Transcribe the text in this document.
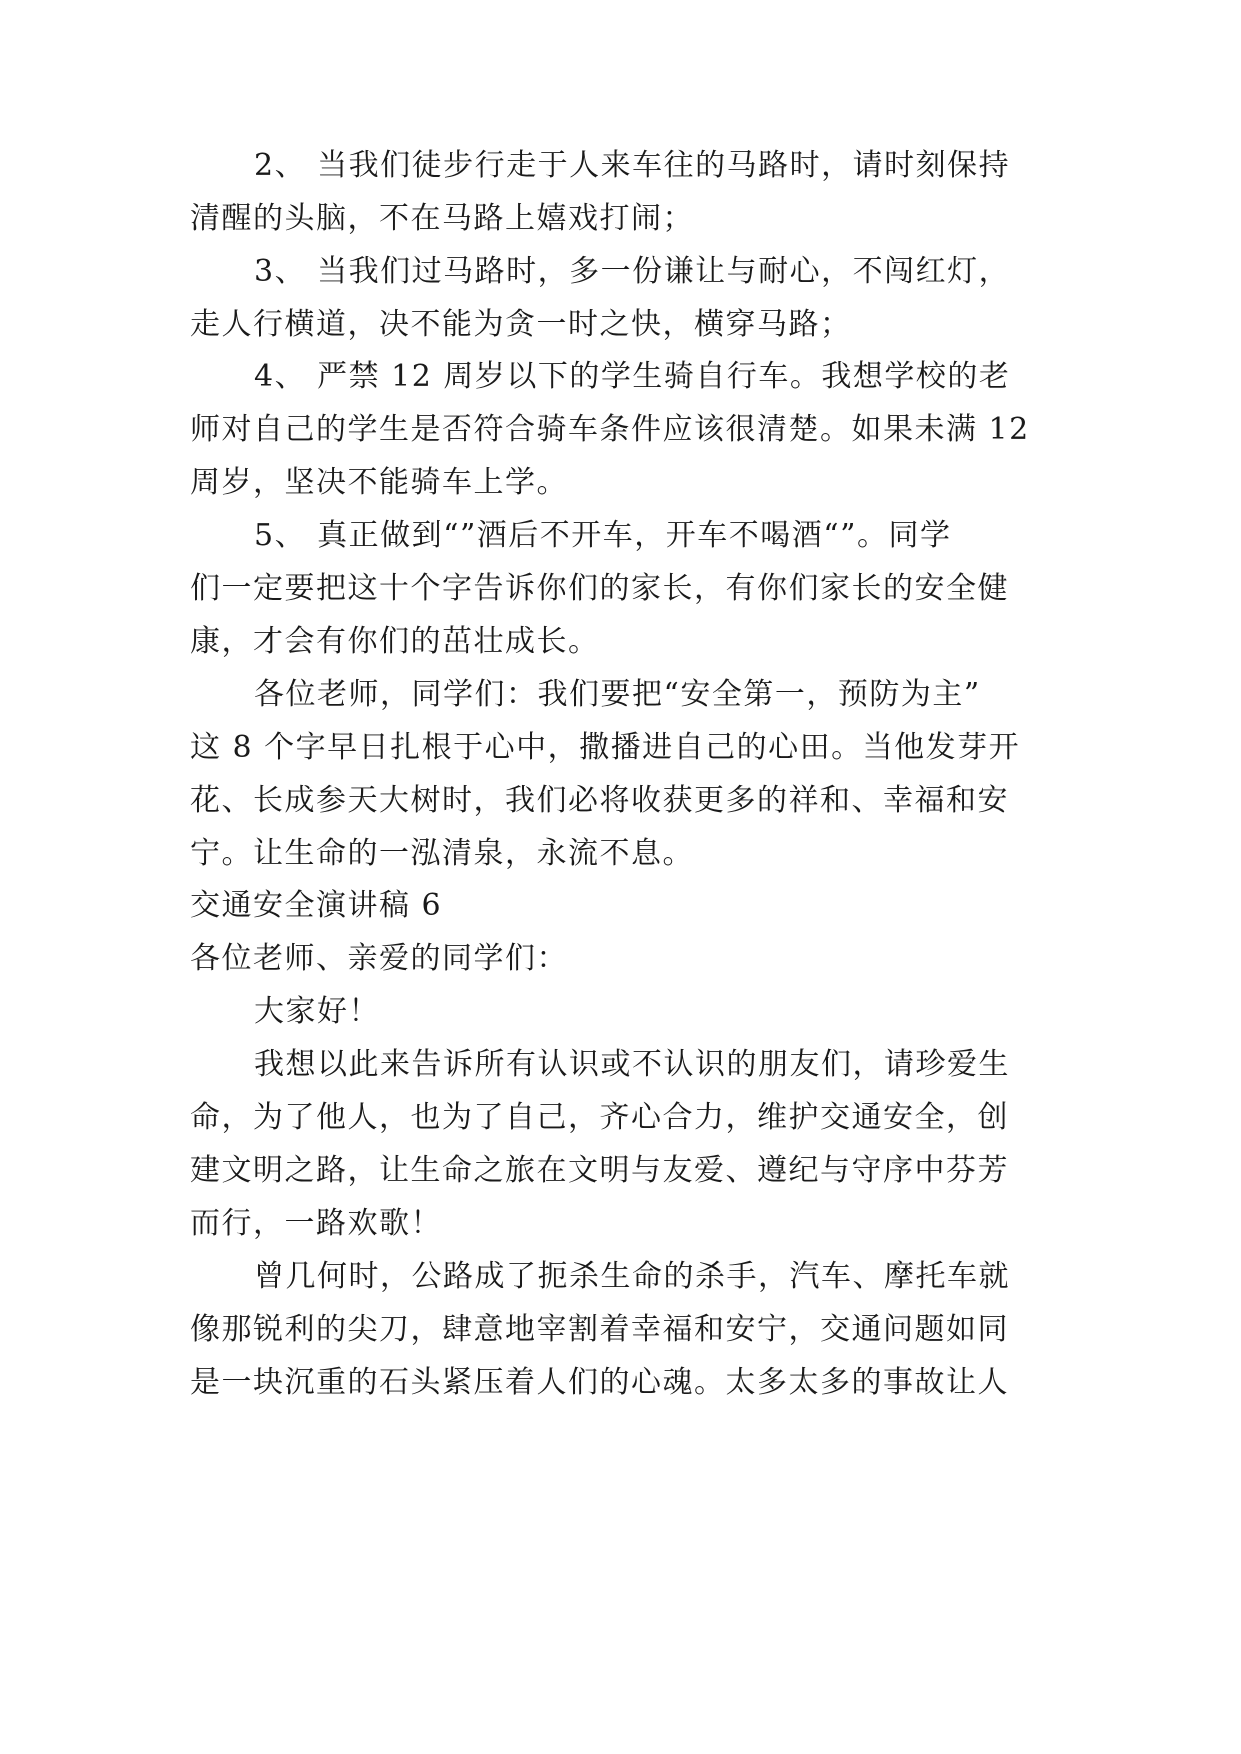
2、 当我们徒步行走于人来车往的马路时，请时刻保持
清醒的头脑，不在马路上嬉戏打闹；
3、 当我们过马路时，多一份谦让与耐心，不闯红灯，
走人行横道，决不能为贪一时之快，横穿马路；
4、 严禁 12 周岁以下的学生骑自行车。我想学校的老
师对自己的学生是否符合骑车条件应该很清楚。如果未满 12
周岁，坚决不能骑车上学。
5、 真正做到“”酒后不开车，开车不喝酒“”。同学
们一定要把这十个字告诉你们的家长，有你们家长的安全健
康，才会有你们的茁壮成长。
各位老师，同学们：我们要把“安全第一，预防为主”
这 8 个字早日扎根于心中，撒播进自己的心田。当他发芽开
花、长成参天大树时，我们必将收获更多的祥和、幸福和安
宁。让生命的一泓清泉，永流不息。
交通安全演讲稿 6
各位老师、亲爱的同学们：
大家好！
我想以此来告诉所有认识或不认识的朋友们，请珍爱生
命，为了他人，也为了自己，齐心合力，维护交通安全，创
建文明之路，让生命之旅在文明与友爱、遵纪与守序中芬芳
而行，一路欢歌！
曾几何时，公路成了扼杀生命的杀手，汽车、摩托车就
像那锐利的尖刀，肆意地宰割着幸福和安宁，交通问题如同
是一块沉重的石头紧压着人们的心魂。太多太多的事故让人
